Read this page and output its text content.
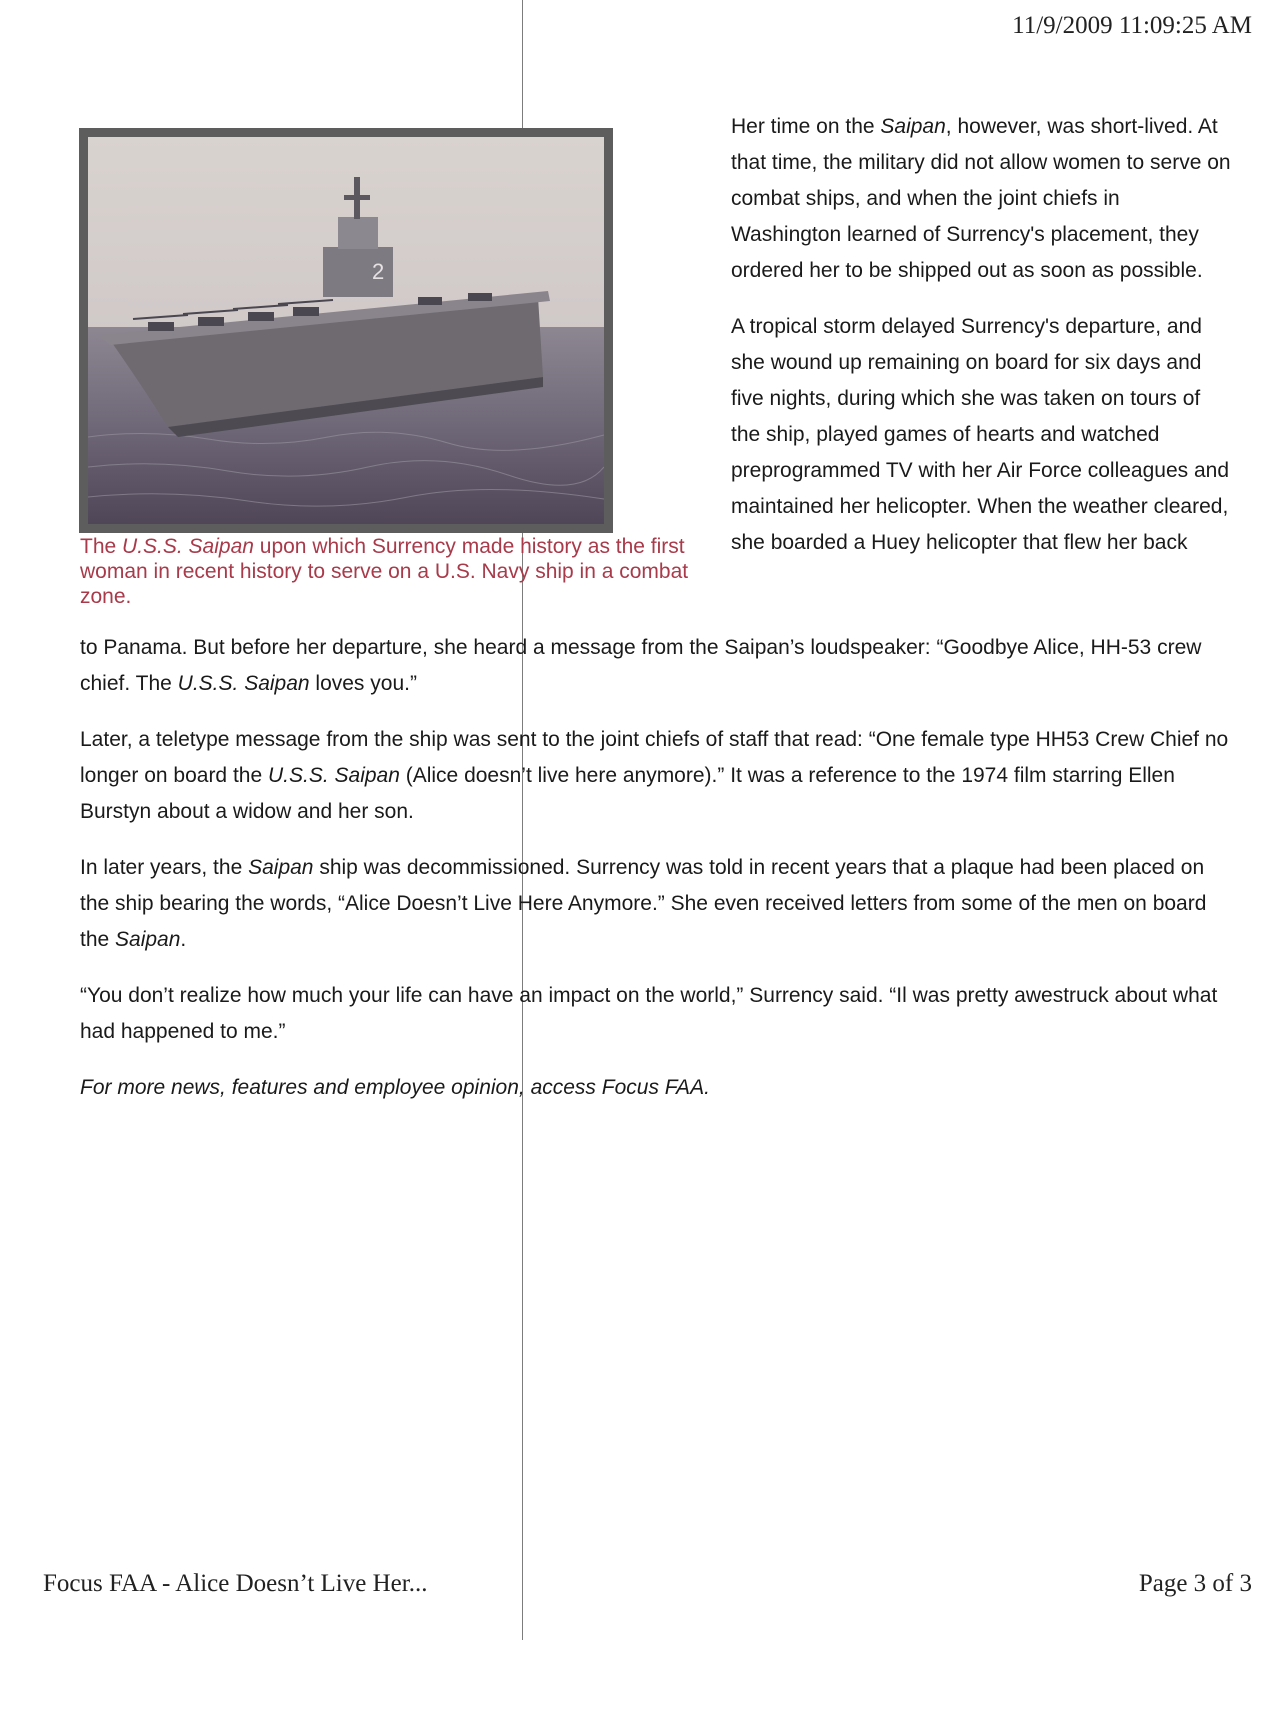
11/9/2009 11:09:25 AM
2

The U.S.S. Saipan upon which Surrency made history as the first woman in recent history to serve on a U.S. Navy ship in a combat zone.

Her time on the Saipan, however, was short-lived. At that time, the military did not allow women to serve on combat ships, and when the joint chiefs in Washington learned of Surrency's placement, they ordered her to be shipped out as soon as possible.

A tropical storm delayed Surrency's departure, and she wound up remaining on board for six days and five nights, during which she was taken on tours of the ship, played games of hearts and watched preprogrammed TV with her Air Force colleagues and maintained her helicopter. When the weather cleared, she boarded a Huey helicopter that flew her back

to Panama. But before her departure, she heard a message from the Saipan’s loudspeaker: “Goodbye Alice, HH-53 crew chief. The U.S.S. Saipan loves you.”

Later, a teletype message from the ship was sent to the joint chiefs of staff that read: “One female type HH53 Crew Chief no longer on board the U.S.S. Saipan (Alice doesn’t live here anymore).” It was a reference to the 1974 film starring Ellen Burstyn about a widow and her son.

In later years, the Saipan ship was decommissioned. Surrency was told in recent years that a plaque had been placed on the ship bearing the words, “Alice Doesn’t Live Here Anymore.” She even received letters from some of the men on board the Saipan.

“You don’t realize how much your life can have an impact on the world,” Surrency said. “Il was pretty awestruck about what had happened to me.”

For more news, features and employee opinion, access Focus FAA.

Focus FAA - Alice Doesn’t Live Her...	Page 3 of 3
